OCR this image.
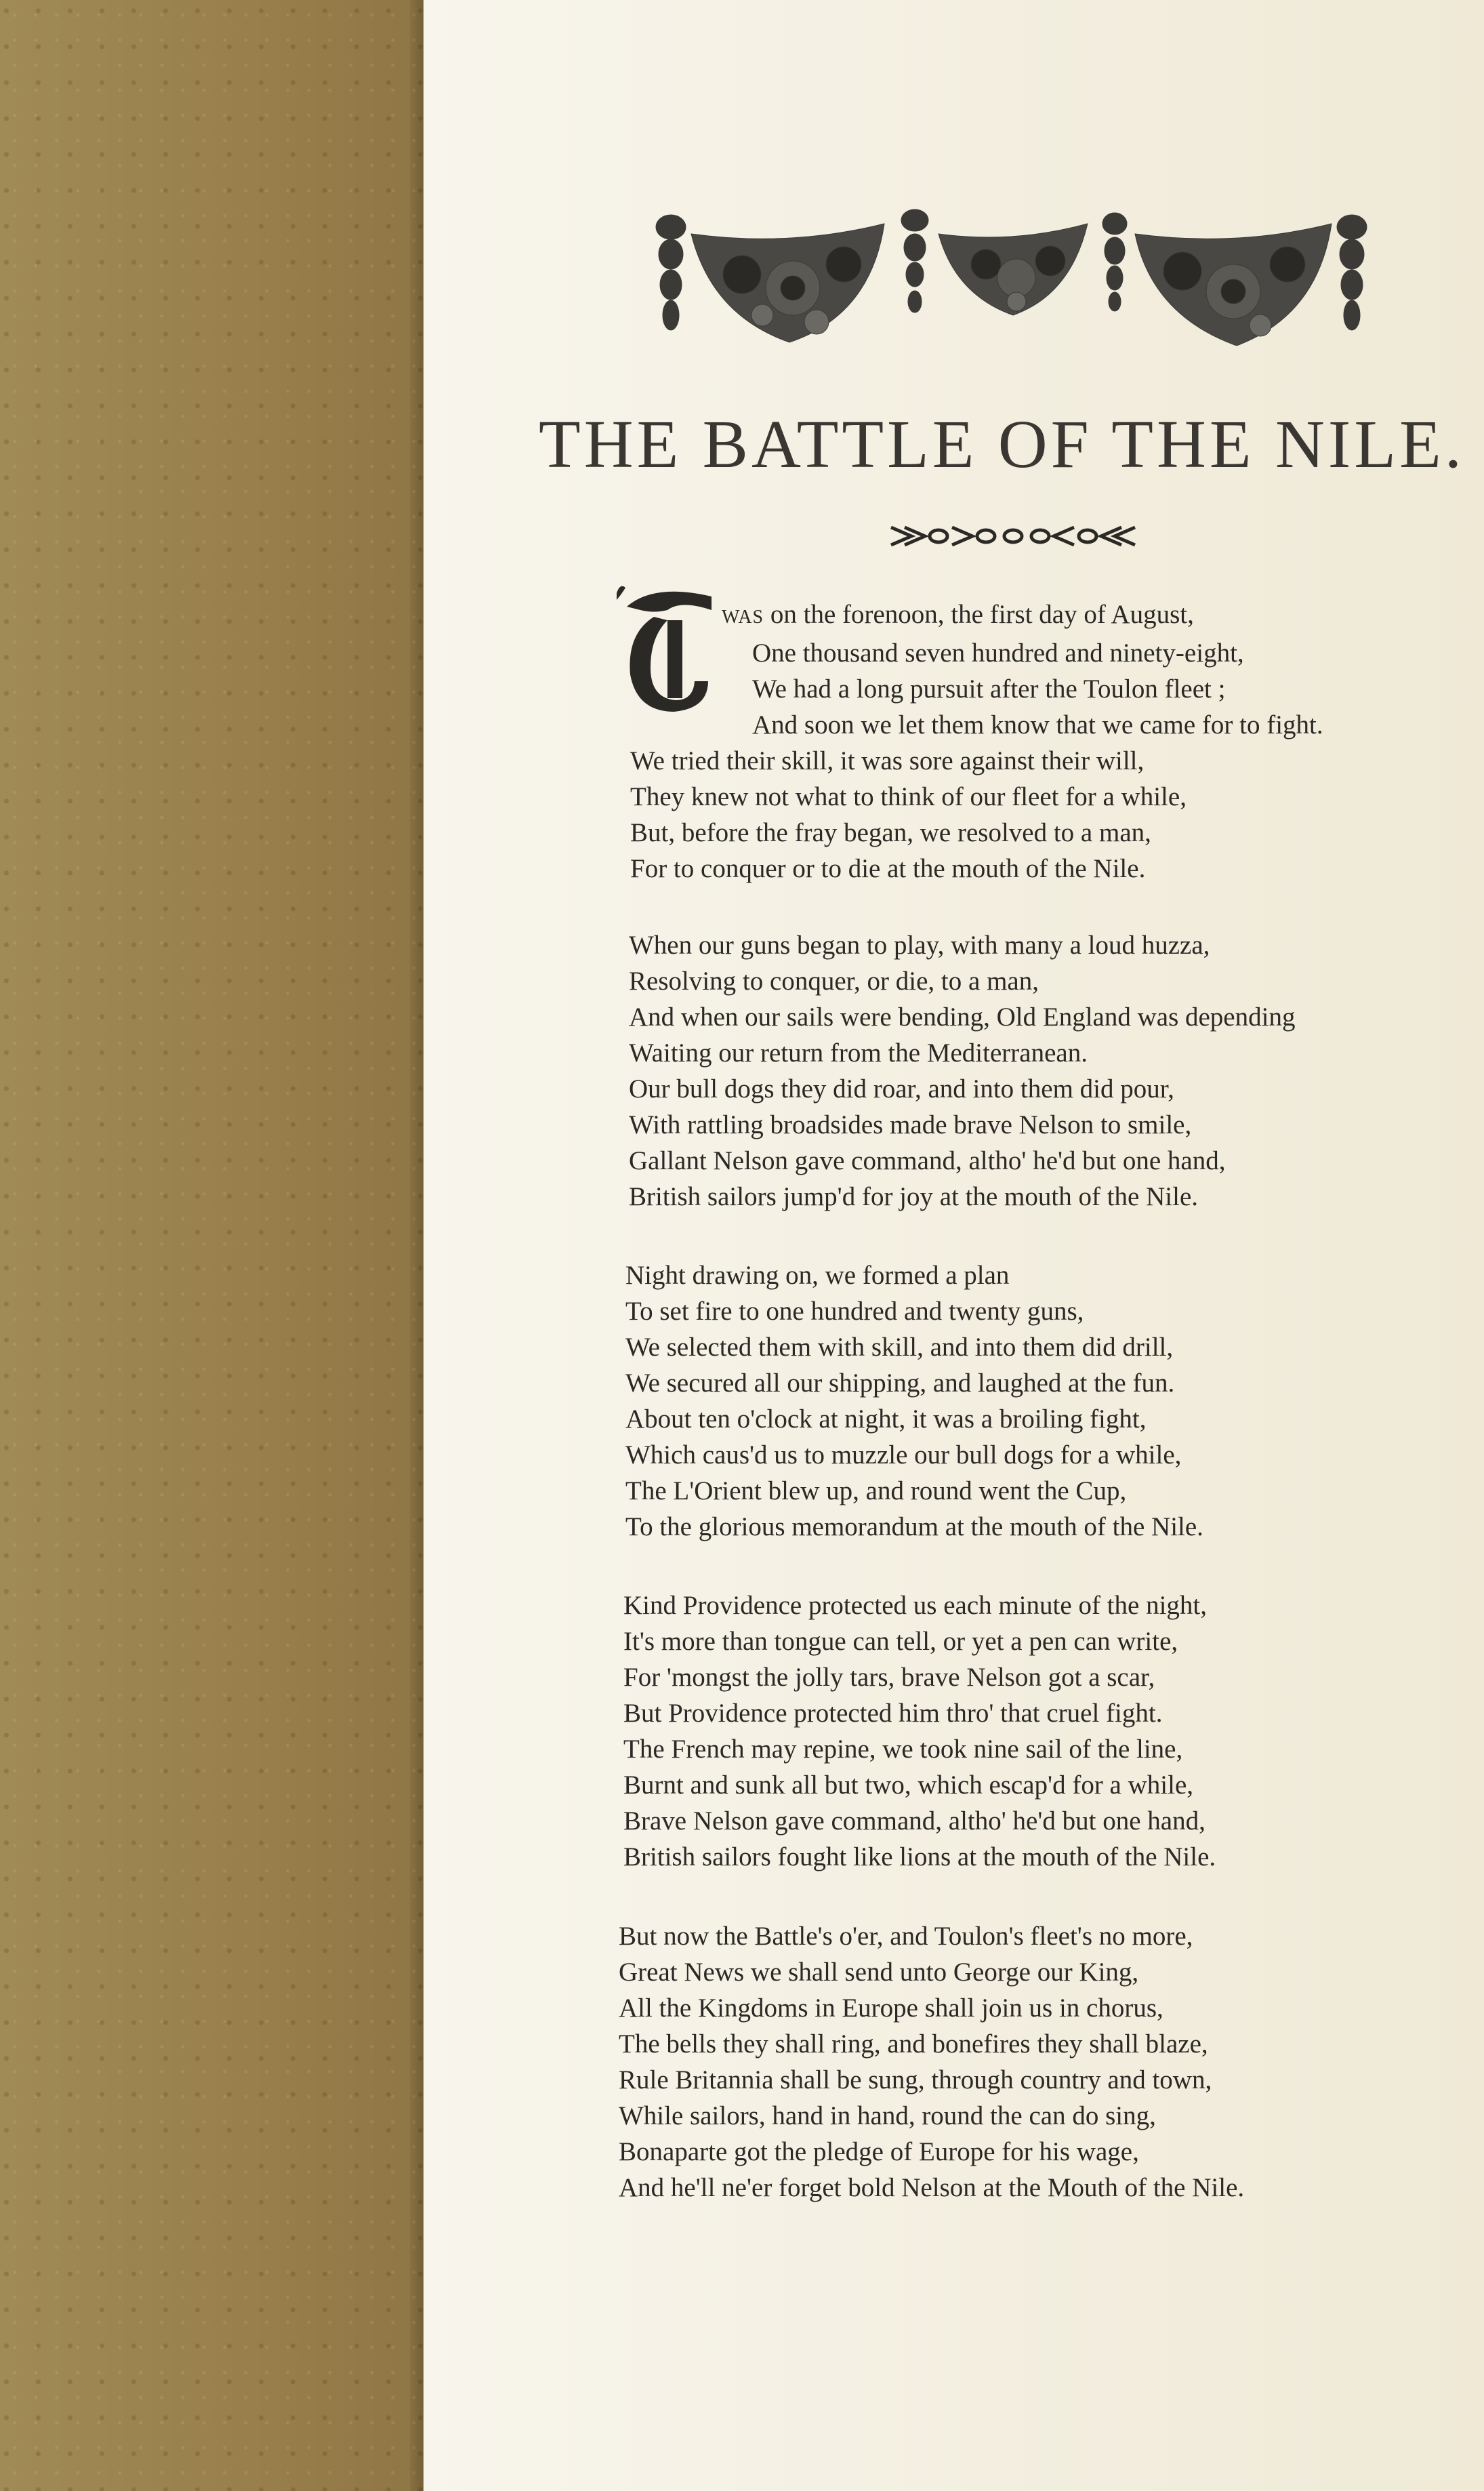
THE BATTLE OF THE NILE.
T
WAS on the forenoon, the first day of August,
One thousand seven hundred and ninety-eight,
We had a long pursuit after the Toulon fleet ;
And soon we let them know that we came for to fight.
We tried their skill, it was sore against their will,
They knew not what to think of our fleet for a while,
But, before the fray began, we resolved to a man,
For to conquer or to die at the mouth of the Nile.
When our guns began to play, with many a loud huzza,
Resolving to conquer, or die, to a man,
And when our sails were bending, Old England was depending
Waiting our return from the Mediterranean.
Our bull dogs they did roar, and into them did pour,
With rattling broadsides made brave Nelson to smile,
Gallant Nelson gave command, altho' he'd but one hand,
British sailors jump'd for joy at the mouth of the Nile.
Night drawing on, we formed a plan
To set fire to one hundred and twenty guns,
We selected them with skill, and into them did drill,
We secured all our shipping, and laughed at the fun.
About ten o'clock at night, it was a broiling fight,
Which caus'd us to muzzle our bull dogs for a while,
The L'Orient blew up, and round went the Cup,
To the glorious memorandum at the mouth of the Nile.
Kind Providence protected us each minute of the night,
It's more than tongue can tell, or yet a pen can write,
For 'mongst the jolly tars, brave Nelson got a scar,
But Providence protected him thro' that cruel fight.
The French may repine, we took nine sail of the line,
Burnt and sunk all but two, which escap'd for a while,
Brave Nelson gave command, altho' he'd but one hand,
British sailors fought like lions at the mouth of the Nile.
But now the Battle's o'er, and Toulon's fleet's no more,
Great News we shall send unto George our King,
All the Kingdoms in Europe shall join us in chorus,
The bells they shall ring, and bonefires they shall blaze,
Rule Britannia shall be sung, through country and town,
While sailors, hand in hand, round the can do sing,
Bonaparte got the pledge of Europe for his wage,
And he'll ne'er forget bold Nelson at the Mouth of the Nile.
